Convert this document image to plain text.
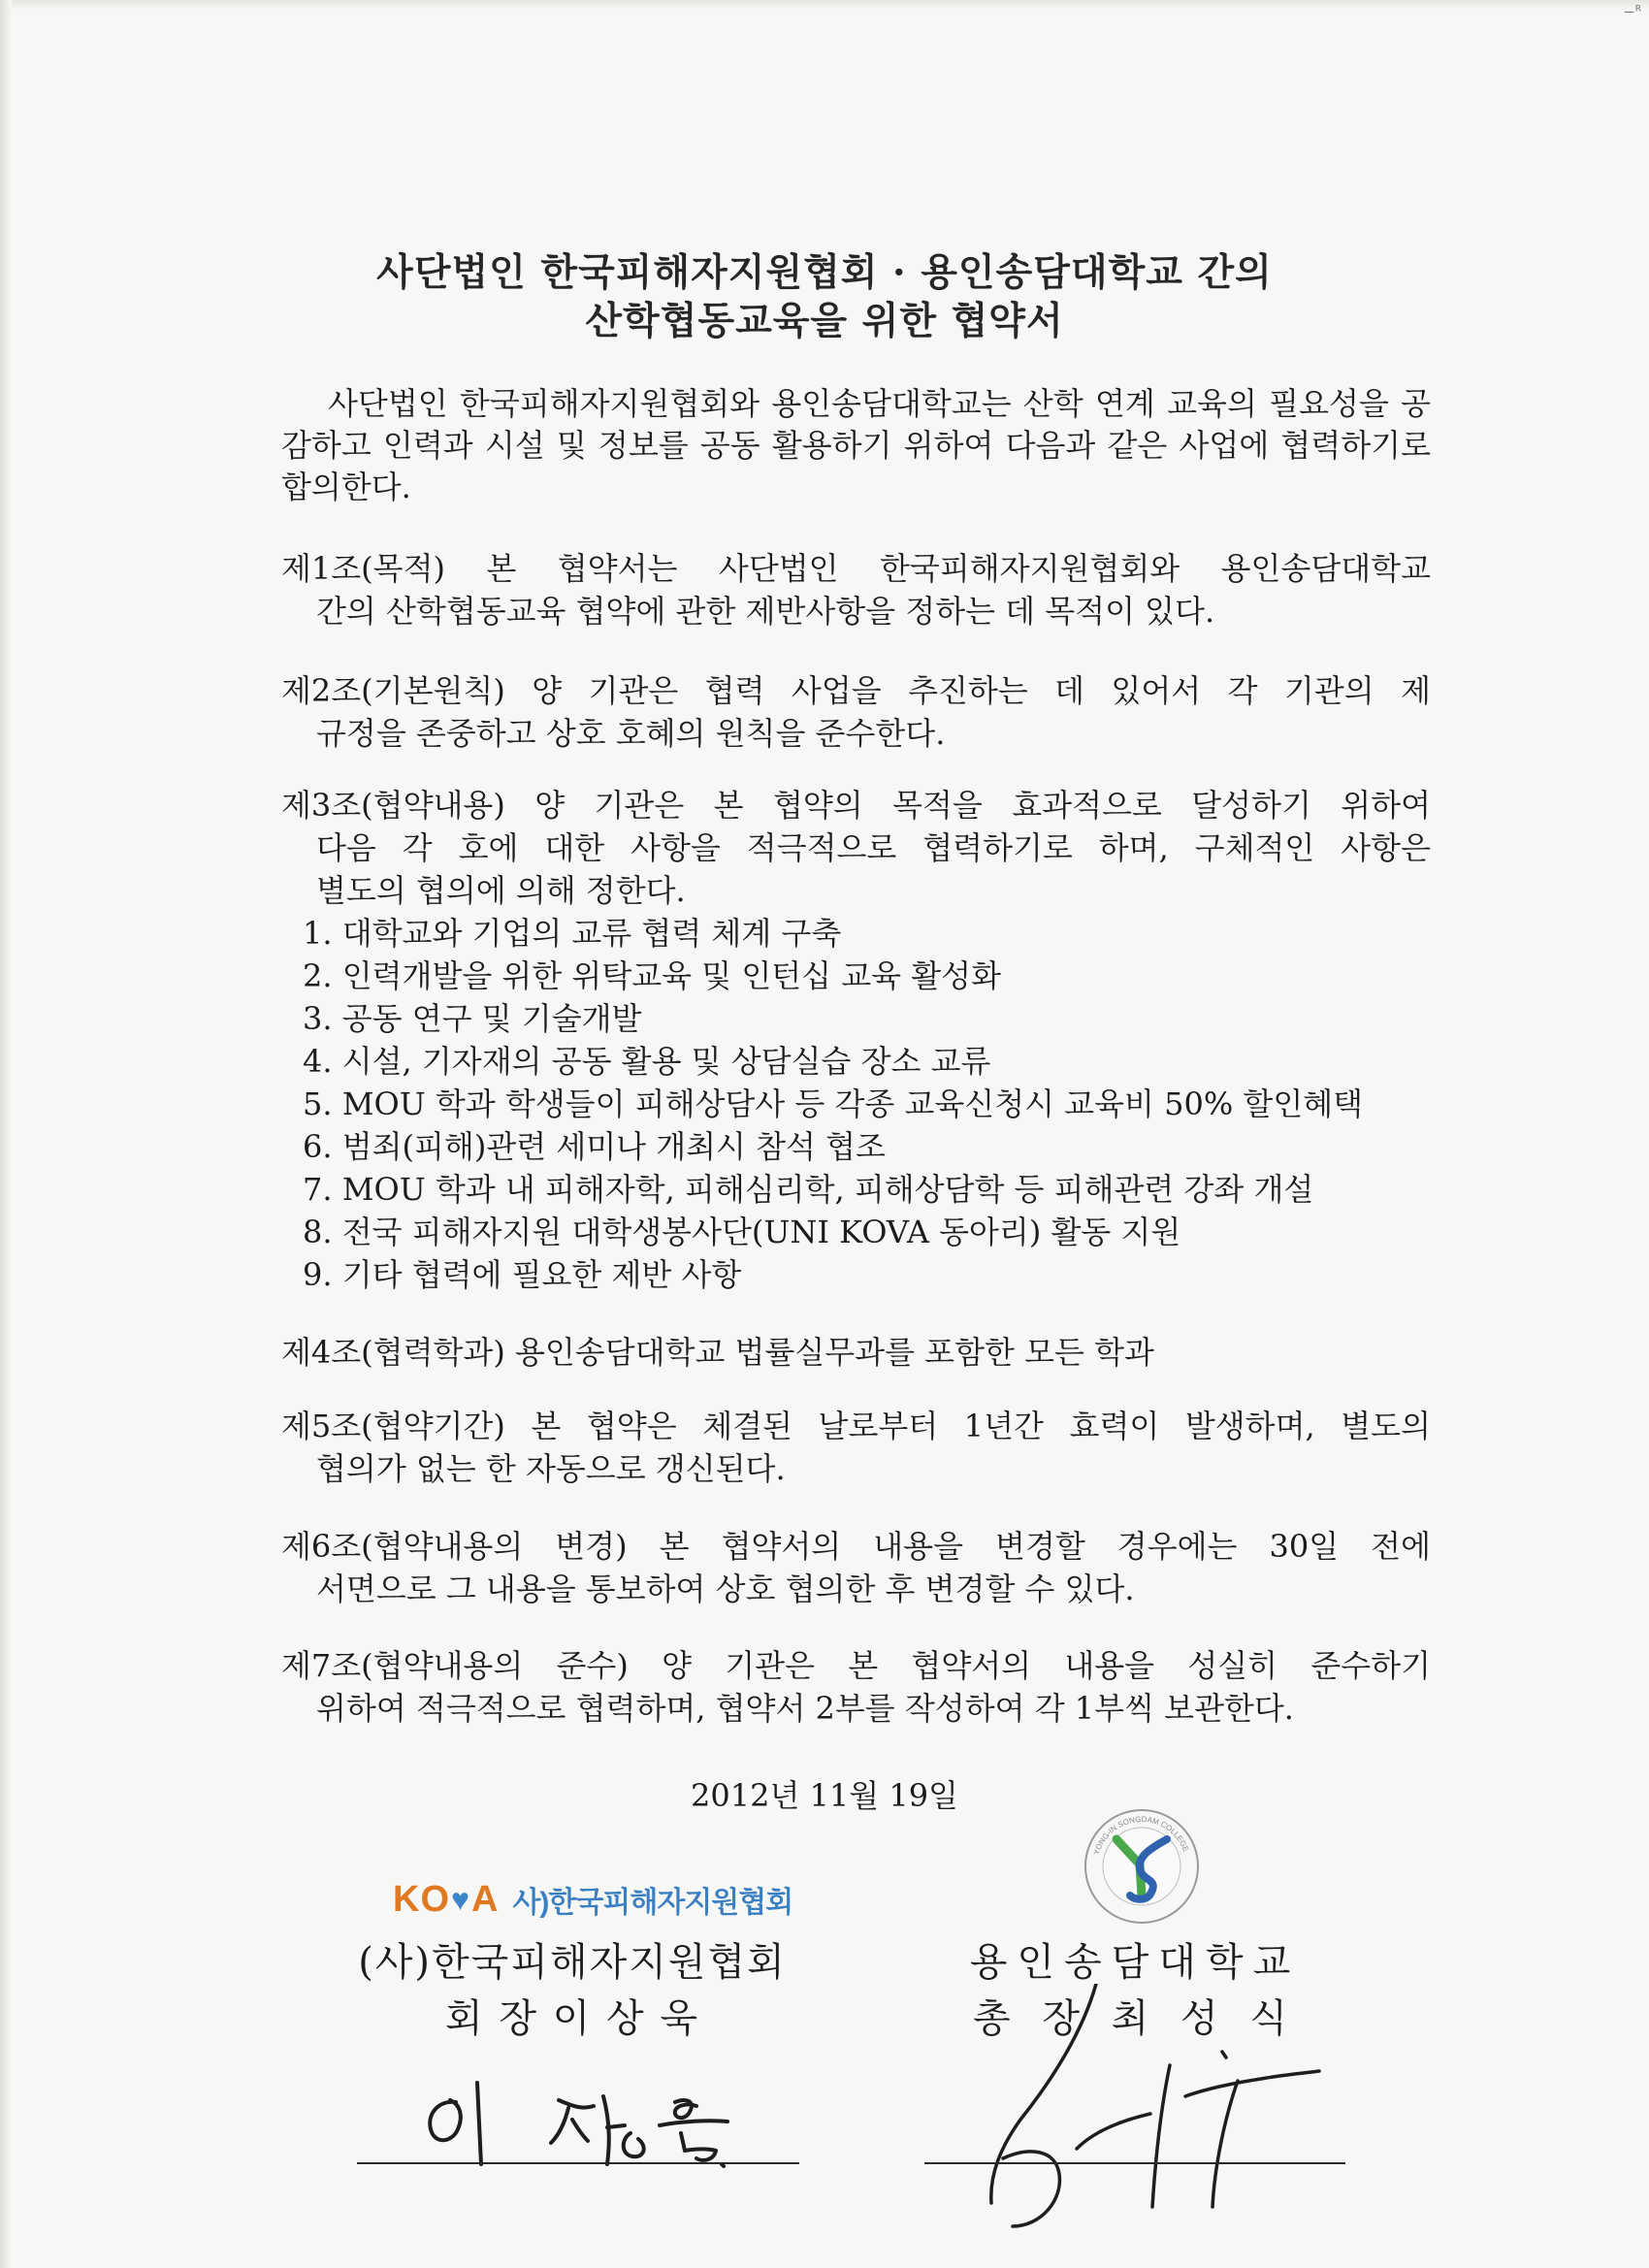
—ᴿ
사단법인 한국피해자지원협회 · 용인송담대학교 간의
산학협동교육을 위한 협약서
사단법인 한국피해자지원협회와 용인송담대학교는 산학 연계 교육의 필요성을 공감하고 인력과 시설 및 정보를 공동 활용하기 위하여 다음과 같은 사업에 협력하기로 합의한다.
제1조(목적) 본 협약서는 사단법인 한국피해자지원협회와 용인송담대학교
간의 산학협동교육 협약에 관한 제반사항을 정하는 데 목적이 있다.
제2조(기본원칙) 양 기관은 협력 사업을 추진하는 데 있어서 각 기관의 제
규정을 존중하고 상호 호혜의 원칙을 준수한다.
제3조(협약내용) 양 기관은 본 협약의 목적을 효과적으로 달성하기 위하여
다음 각 호에 대한 사항을 적극적으로 협력하기로 하며, 구체적인 사항은
별도의 협의에 의해 정한다.
1. 대학교와 기업의 교류 협력 체계 구축
2. 인력개발을 위한 위탁교육 및 인턴십 교육 활성화
3. 공동 연구 및 기술개발
4. 시설, 기자재의 공동 활용 및 상담실습 장소 교류
5. MOU 학과 학생들이 피해상담사 등 각종 교육신청시 교육비 50% 할인혜택
6. 범죄(피해)관련 세미나 개최시 참석 협조
7. MOU 학과 내 피해자학, 피해심리학, 피해상담학 등 피해관련 강좌 개설
8. 전국 피해자지원 대학생봉사단(UNI KOVA 동아리) 활동 지원
9. 기타 협력에 필요한 제반 사항
제4조(협력학과) 용인송담대학교 법률실무과를 포함한 모든 학과
제5조(협약기간) 본 협약은 체결된 날로부터 1년간 효력이 발생하며, 별도의
협의가 없는 한 자동으로 갱신된다.
제6조(협약내용의 변경) 본 협약서의 내용을 변경할 경우에는 30일 전에
서면으로 그 내용을 통보하여 상호 협의한 후 변경할 수 있다.
제7조(협약내용의 준수) 양 기관은 본 협약서의 내용을 성실히 준수하기
위하여 적극적으로 협력하며, 협약서 2부를 작성하여 각 1부씩 보관한다.
2012년 11월 19일
KO ♥ A 사)한국피해자지원협회
YONG-IN SONGDAM COLLEGE
(사)한국피해자지원협회
회 장 이 상 욱
용인송담대학교
총 장 최 성 식
